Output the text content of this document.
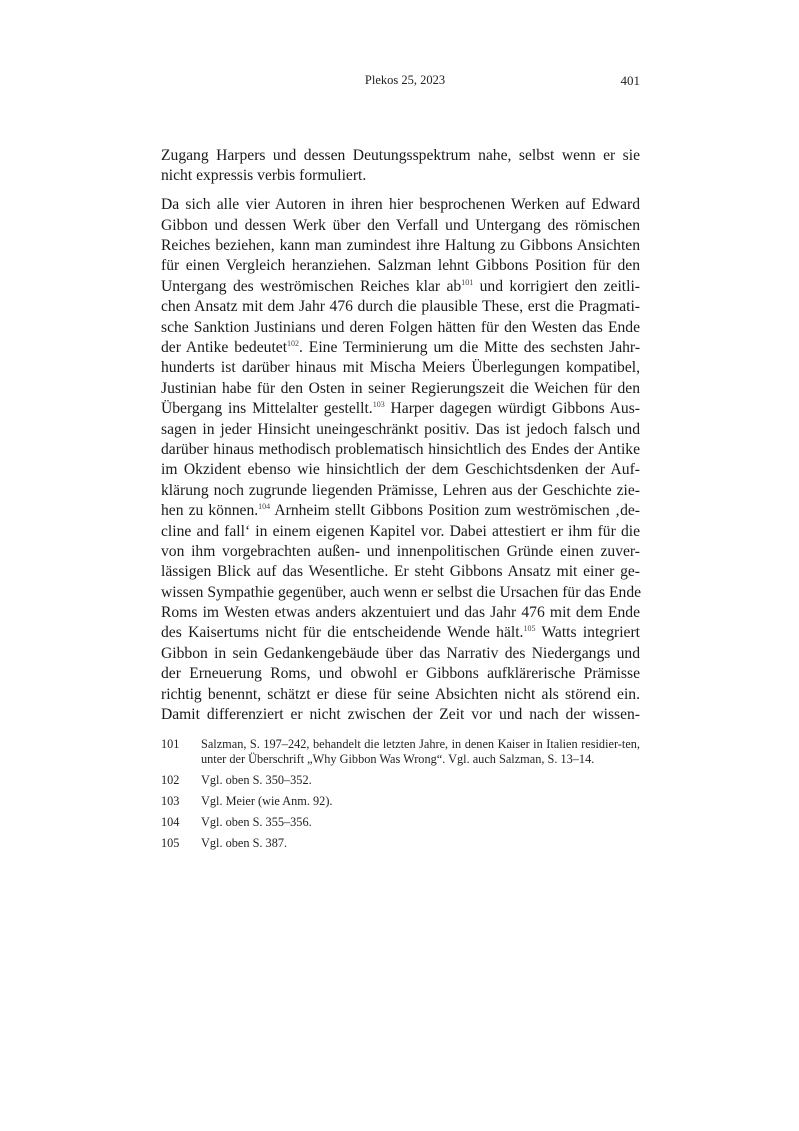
Plekos 25, 2023	401
Zugang Harpers und dessen Deutungsspektrum nahe, selbst wenn er sie
nicht expressis verbis formuliert.
Da sich alle vier Autoren in ihren hier besprochenen Werken auf Edward
Gibbon und dessen Werk über den Verfall und Untergang des römischen
Reiches beziehen, kann man zumindest ihre Haltung zu Gibbons Ansichten
für einen Vergleich heranziehen. Salzman lehnt Gibbons Position für den
Untergang des weströmischen Reiches klar $ab^{101}$ und korrigiert den zeitli-
chen Ansatz mit dem Jahr 476 durch die plausible These, erst die Pragmati-
sche Sanktion Justinians und deren Folgen hätten für den Westen das Ende
der Antike bedeutet$^{102}$. Eine Terminierung um die Mitte des sechsten Jahr-
hunderts ist darüber hinaus mit Mischa Meiers Überlegungen kompatibel,
Justinian habe für den Osten in seiner Regierungszeit die Weichen für den
Übergang ins Mittelalter gestellt.$^{103}$ Harper dagegen würdigt Gibbons Aus-
sagen in jeder Hinsicht uneingeschränkt positiv. Das ist jedoch falsch und
darüber hinaus methodisch problematisch hinsichtlich des Endes der Antike
im Okzident ebenso wie hinsichtlich der dem Geschichtsdenken der Auf-
klärung noch zugrunde liegenden Prämisse, Lehren aus der Geschichte zie-
hen zu können.$^{104}$ Arnheim stellt Gibbons Position zum weströmischen ‚de-
cline and fall‘ in einem eigenen Kapitel vor. Dabei attestiert er ihm für die
von ihm vorgebrachten außen- und innenpolitischen Gründe einen zuver-
lässigen Blick auf das Wesentliche. Er steht Gibbons Ansatz mit einer ge-
wissen Sympathie gegenüber, auch wenn er selbst die Ursachen für das Ende
Roms im Westen etwas anders akzentuiert und das Jahr 476 mit dem Ende
des Kaisertums nicht für die entscheidende Wende hält.$^{105}$ Watts integriert
Gibbon in sein Gedankengebäude über das Narrativ des Niedergangs und
der Erneuerung Roms, und obwohl er Gibbons aufklärerische Prämisse
richtig benennt, schätzt er diese für seine Absichten nicht als störend ein.
Damit differenziert er nicht zwischen der Zeit vor und nach der wissen-
101	Salzman, S. 197–242, behandelt die letzten Jahre, in denen Kaiser in Italien residier-ten, unter der Überschrift „Why Gibbon Was Wrong“. Vgl. auch Salzman, S. 13–14.
102	Vgl. oben S. 350–352.
103	Vgl. Meier (wie Anm. 92).
104	Vgl. oben S. 355–356.
105	Vgl. oben S. 387.
